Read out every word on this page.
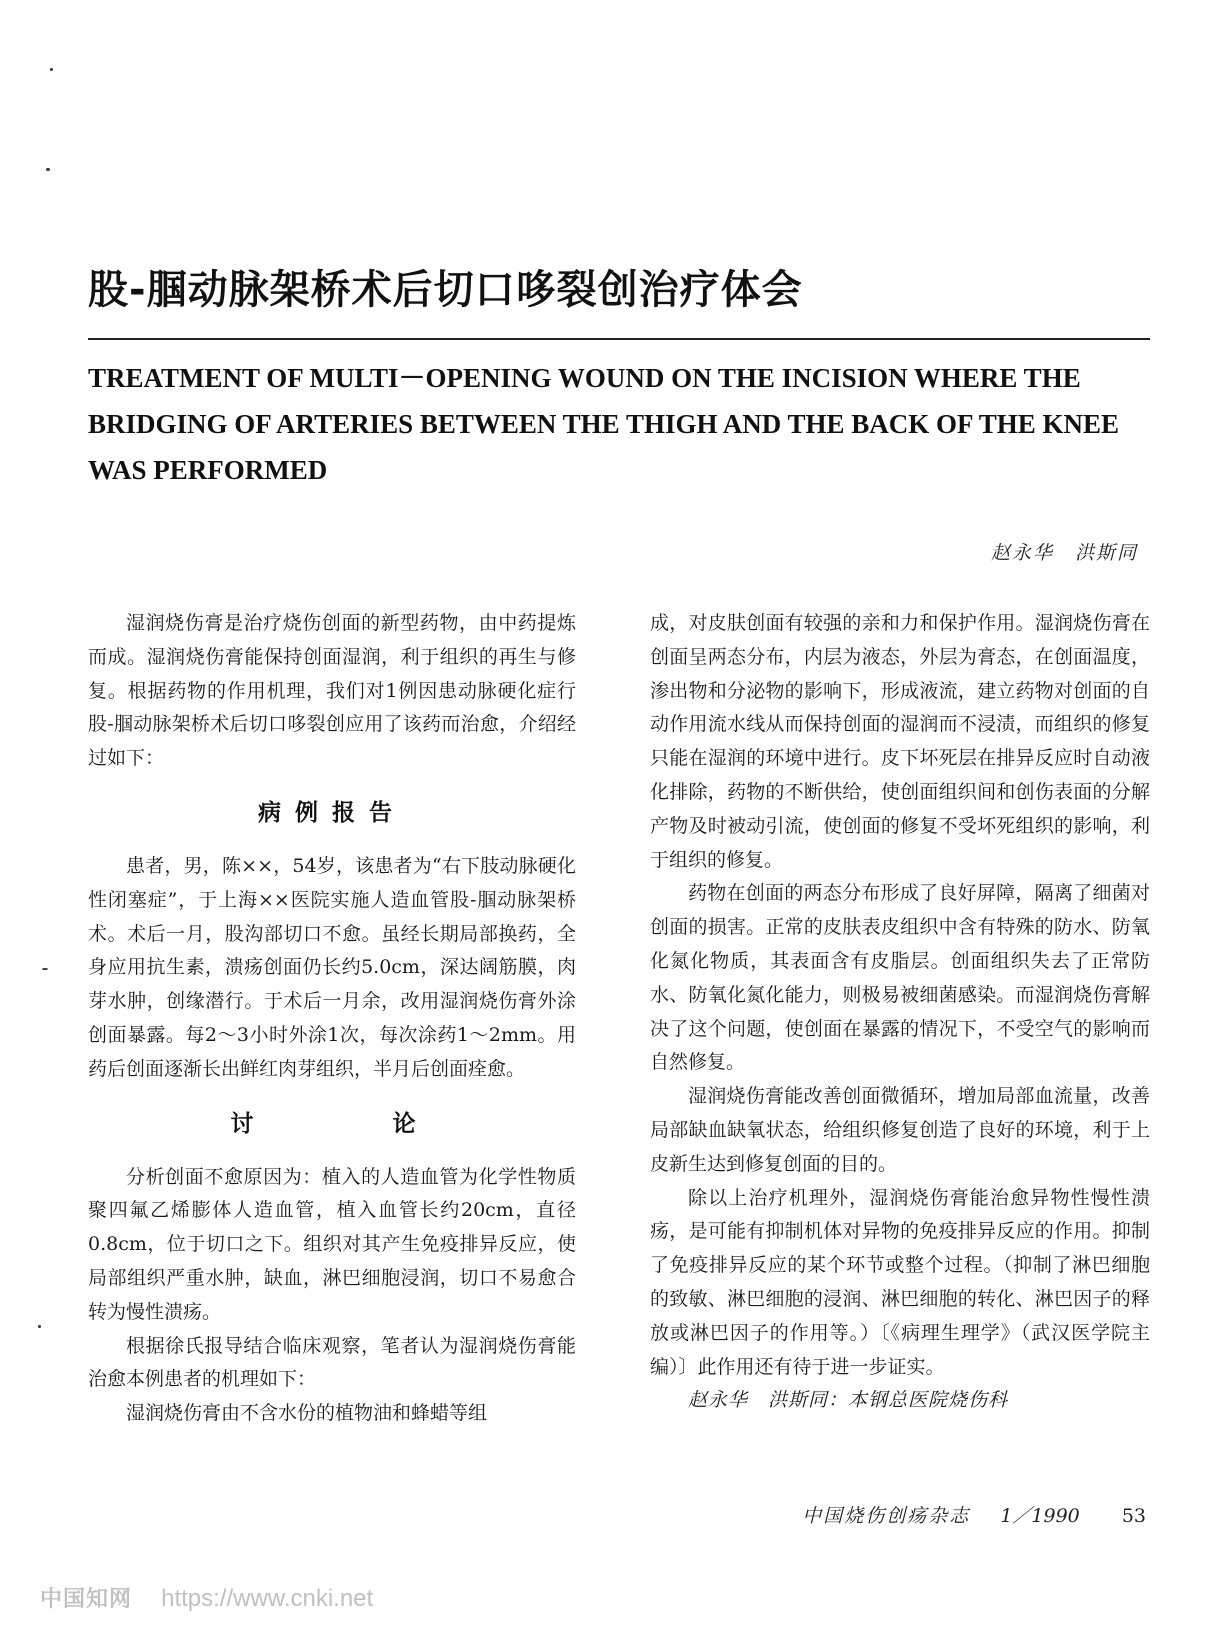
股-腘动脉架桥术后切口哆裂创治疗体会
TREATMENT OF MULTI－OPENING WOUND ON THE INCISION WHERE THE BRIDGING OF ARTERIES BETWEEN THE THIGH AND THE BACK OF THE KNEE WAS PERFORMED
赵永华　洪斯同

湿润烧伤膏是治疗烧伤创面的新型药物，由中药提炼而成。湿润烧伤膏能保持创面湿润，利于组织的再生与修复。根据药物的作用机理，我们对1例因患动脉硬化症行股-腘动脉架桥术后切口哆裂创应用了该药而治愈，介绍经过如下：

病例报告

患者，男，陈××，54岁，该患者为“右下肢动脉硬化性闭塞症”，于上海××医院实施人造血管股-腘动脉架桥术。术后一月，股沟部切口不愈。虽经长期局部换药，全身应用抗生素，溃疡创面仍长约5.0cm，深达阔筋膜，肉芽水肿，创缘潜行。于术后一月余，改用湿润烧伤膏外涂创面暴露。每2～3小时外涂1次，每次涂药1～2mm。用药后创面逐渐长出鲜红肉芽组织，半月后创面痊愈。

讨　论

分析创面不愈原因为：植入的人造血管为化学性物质聚四氟乙烯膨体人造血管，植入血管长约20cm，直径0.8cm，位于切口之下。组织对其产生免疫排异反应，使局部组织严重水肿，缺血，淋巴细胞浸润，切口不易愈合转为慢性溃疡。

根据徐氏报导结合临床观察，笔者认为湿润烧伤膏能治愈本例患者的机理如下：

湿润烧伤膏由不含水份的植物油和蜂蜡等组

成，对皮肤创面有较强的亲和力和保护作用。湿润烧伤膏在创面呈两态分布，内层为液态，外层为膏态，在创面温度，渗出物和分泌物的影响下，形成液流，建立药物对创面的自动作用流水线从而保持创面的湿润而不浸渍，而组织的修复只能在湿润的环境中进行。皮下坏死层在排异反应时自动液化排除，药物的不断供给，使创面组织间和创伤表面的分解产物及时被动引流，使创面的修复不受坏死组织的影响，利于组织的修复。

药物在创面的两态分布形成了良好屏障，隔离了细菌对创面的损害。正常的皮肤表皮组织中含有特殊的防水、防氧化氮化物质，其表面含有皮脂层。创面组织失去了正常防水、防氧化氮化能力，则极易被细菌感染。而湿润烧伤膏解决了这个问题，使创面在暴露的情况下，不受空气的影响而自然修复。

湿润烧伤膏能改善创面微循环，增加局部血流量，改善局部缺血缺氧状态，给组织修复创造了良好的环境，利于上皮新生达到修复创面的目的。

除以上治疗机理外，湿润烧伤膏能治愈异物性慢性溃疡，是可能有抑制机体对异物的免疫排异反应的作用。抑制了免疫排异反应的某个环节或整个过程。（抑制了淋巴细胞的致敏、淋巴细胞的浸润、淋巴细胞的转化、淋巴因子的释放或淋巴因子的作用等。）〔《病理生理学》（武汉医学院主编）〕此作用还有待于进一步证实。

赵永华　洪斯同：本钢总医院烧伤科

中国烧伤创疡杂志 1／1990 53
中国知网 https://www.cnki.net
